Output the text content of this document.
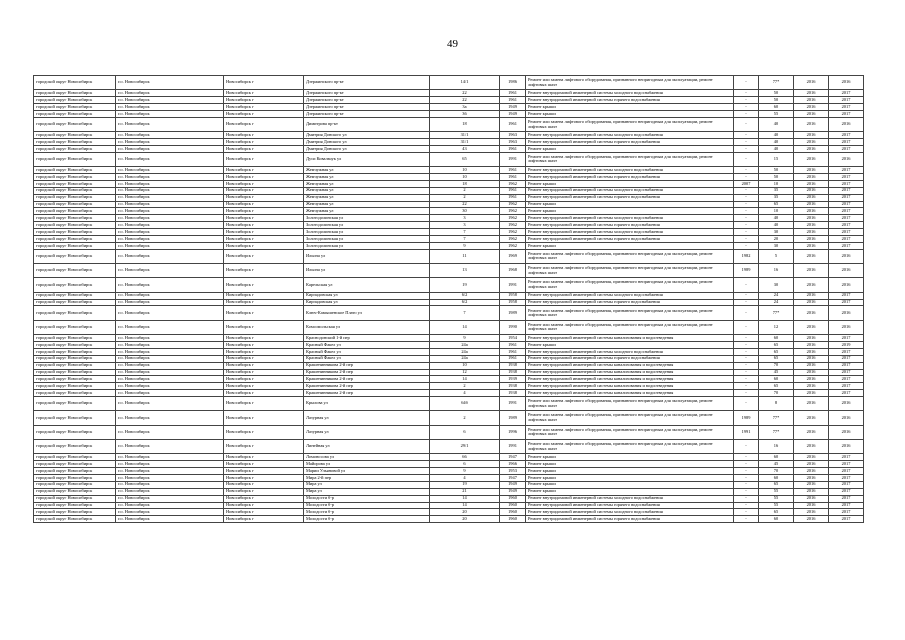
49
городской округ Новосибирск	г.о. Новосибирск	Новосибирск г	Дзержинского пр-кт	14/1	1986	Ремонт или замена лифтового оборудования, признанного непригодным для эксплуатации, ремонт лифтовых шахт	-	77*	2016	2016
городской округ Новосибирск	г.о. Новосибирск	Новосибирск г	Дзержинского пр-кт	22	1961	Ремонт внутридомовой инженерной системы холодного водоснабжения	-	50	2016	2017
городской округ Новосибирск	г.о. Новосибирск	Новосибирск г	Дзержинского пр-кт	22	1961	Ремонт внутридомовой инженерной системы горячего водоснабжения	-	50	2016	2017
городской округ Новосибирск	г.о. Новосибирск	Новосибирск г	Дзержинского пр-кт	3а	1949	Ремонт крыши	-	60	2016	2017
городской округ Новосибирск	г.о. Новосибирск	Новосибирск г	Дзержинского пр-кт	36	1949	Ремонт крыши	-	55	2016	2017
городской округ Новосибирск	г.о. Новосибирск	Новосибирск г	Димитрова пр-кт	18	1961	Ремонт или замена лифтового оборудования, признанного непригодным для эксплуатации, ремонт лифтовых шахт	-	40	2016	2016
городской округ Новосибирск	г.о. Новосибирск	Новосибирск г	Дмитрия Донского ул	31/1	1963	Ремонт внутридомовой инженерной системы холодного водоснабжения	-	40	2016	2017
городской округ Новосибирск	г.о. Новосибирск	Новосибирск г	Дмитрия Донского ул	31/1	1963	Ремонт внутридомовой инженерной системы горячего водоснабжения	-	40	2016	2017
городской округ Новосибирск	г.о. Новосибирск	Новосибирск г	Дмитрия Донского ул	43	1961	Ремонт крыши	-	40	2016	2017
городской округ Новосибирск	г.о. Новосибирск	Новосибирск г	Дуси Ковальчук ул	65	1991	Ремонт или замена лифтового оборудования, признанного непригодным для эксплуатации, ремонт лифтовых шахт	-	15	2016	2016
городской округ Новосибирск	г.о. Новосибирск	Новосибирск г	Жемчужная ул	10	1961	Ремонт внутридомовой инженерной системы холодного водоснабжения	-	50	2016	2017
городской округ Новосибирск	г.о. Новосибирск	Новосибирск г	Жемчужная ул	10	1961	Ремонт внутридомовой инженерной системы горячего водоснабжения	-	50	2016	2017
городской округ Новосибирск	г.о. Новосибирск	Новосибирск г	Жемчужная ул	18	1962	Ремонт крыши	2007	10	2016	2017
городской округ Новосибирск	г.о. Новосибирск	Новосибирск г	Жемчужная ул	2	1961	Ремонт внутридомовой инженерной системы холодного водоснабжения	-	35	2016	2017
городской округ Новосибирск	г.о. Новосибирск	Новосибирск г	Жемчужная ул	2	1961	Ремонт внутридомовой инженерной системы горячего водоснабжения	-	35	2016	2017
городской округ Новосибирск	г.о. Новосибирск	Новосибирск г	Жемчужная ул	22	1962	Ремонт крыши	-	65	2016	2017
городской округ Новосибирск	г.о. Новосибирск	Новосибирск г	Жемчужная ул	30	1962	Ремонт крыши	-	10	2016	2017
городской округ Новосибирск	г.о. Новосибирск	Новосибирск г	Золотодолинская ул	3	1962	Ремонт внутридомовой инженерной системы холодного водоснабжения	-	40	2016	2017
городской округ Новосибирск	г.о. Новосибирск	Новосибирск г	Золотодолинская ул	3	1962	Ремонт внутридомовой инженерной системы горячего водоснабжения	-	40	2016	2017
городской округ Новосибирск	г.о. Новосибирск	Новосибирск г	Золотодолинская ул	7	1962	Ремонт внутридомовой инженерной системы холодного водоснабжения	-	30	2016	2017
городской округ Новосибирск	г.о. Новосибирск	Новосибирск г	Золотодолинская ул	7	1962	Ремонт внутридомовой инженерной системы горячего водоснабжения	-	20	2016	2017
городской округ Новосибирск	г.о. Новосибирск	Новосибирск г	Золотодолинская ул	9	1962	Ремонт крыши	-	30	2016	2017
городской округ Новосибирск	г.о. Новосибирск	Новосибирск г	Ильича ул	11	1969	Ремонт или замена лифтового оборудования, признанного непригодным для эксплуатации, ремонт лифтовых шахт	1982	5	2016	2016
городской округ Новосибирск	г.о. Новосибирск	Новосибирск г	Ильича ул	13	1968	Ремонт или замена лифтового оборудования, признанного непригодным для эксплуатации, ремонт лифтовых шахт	1989	16	2016	2016
городской округ Новосибирск	г.о. Новосибирск	Новосибирск г	Карельская ул	19	1991	Ремонт или замена лифтового оборудования, признанного непригодным для эксплуатации, ремонт лифтовых шахт	-	30	2016	2016
городской округ Новосибирск	г.о. Новосибирск	Новосибирск г	Кирпадовская ул	6/2	1958	Ремонт внутридомовой инженерной системы холодного водоснабжения	-	24	2016	2017
городской округ Новосибирск	г.о. Новосибирск	Новосибирск г	Кирпадовская ул	6/2	1958	Ремонт внутридомовой инженерной системы горячего водоснабжения	-	24	2016	2017
городской округ Новосибирск	г.о. Новосибирск	Новосибирск г	Ключ-Камышенское Плато ул	7	1989	Ремонт или замена лифтового оборудования, признанного непригодным для эксплуатации, ремонт лифтовых шахт	-	77*	2016	2016
городской округ Новосибирск	г.о. Новосибирск	Новосибирск г	Комсомольская ул	14	1990	Ремонт или замена лифтового оборудования, признанного непригодным для эксплуатации, ремонт лифтовых шахт	-	12	2016	2016
городской округ Новосибирск	г.о. Новосибирск	Новосибирск г	Краснодонский 1-й пер	9	1954	Ремонт внутридомовой инженерной системы канализования и водоотведения	-	60	2016	2017
городской округ Новосибирск	г.о. Новосибирск	Новосибирск г	Красный Факел ул	24а	1961	Ремонт крыши	-	65	2016	2019
городской округ Новосибирск	г.о. Новосибирск	Новосибирск г	Красный Факел ул	24а	1961	Ремонт внутридомовой инженерной системы холодного водоснабжения	-	65	2016	2017
городской округ Новосибирск	г.о. Новосибирск	Новосибирск г	Красный Факел ул	24а	1961	Ремонт внутридомовой инженерной системы горячего водоснабжения	-	65	2016	2017
городской округ Новосибирск	г.о. Новосибирск	Новосибирск г	Крашенинникова 2-й пер	10	1938	Ремонт внутридомовой инженерной системы канализования и водоотведения	-	70	2016	2017
городской округ Новосибирск	г.о. Новосибирск	Новосибирск г	Крашенинникова 2-й пер	12	1938	Ремонт внутридомовой инженерной системы канализования и водоотведения	-	45	2016	2017
городской округ Новосибирск	г.о. Новосибирск	Новосибирск г	Крашенинникова 2-й пер	14	1939	Ремонт внутридомовой инженерной системы канализования и водоотведения	-	60	2016	2017
городской округ Новосибирск	г.о. Новосибирск	Новосибирск г	Крашенинникова 2-й пер	2	1938	Ремонт внутридомовой инженерной системы канализования и водоотведения	-	65	2016	2017
городской округ Новосибирск	г.о. Новосибирск	Новосибирск г	Крашенинникова 2-й пер	4	1938	Ремонт внутридомовой инженерной системы канализования и водоотведения	-	70	2016	2017
городской округ Новосибирск	г.о. Новосибирск	Новосибирск г	Крылова ул	64б	1991	Ремонт или замена лифтового оборудования, признанного непригодным для эксплуатации, ремонт лифтовых шахт	-	8	2016	2016
городской округ Новосибирск	г.о. Новосибирск	Новосибирск г	Лазурная ул	2	1989	Ремонт или замена лифтового оборудования, признанного непригодным для эксплуатации, ремонт лифтовых шахт	1989	77*	2016	2016
городской округ Новосибирск	г.о. Новосибирск	Новосибирск г	Лазурная ул	6	1996	Ремонт или замена лифтового оборудования, признанного непригодным для эксплуатации, ремонт лифтовых шахт	1991	77*	2016	2016
городской округ Новосибирск	г.о. Новосибирск	Новосибирск г	Линейная ул	29/1	1991	Ремонт или замена лифтового оборудования, признанного непригодным для эксплуатации, ремонт лифтовых шахт	-	16	2016	2016
городской округ Новосибирск	г.о. Новосибирск	Новосибирск г	Ломоносова ул	66	1947	Ремонт крыши	-	60	2016	2017
городской округ Новосибирск	г.о. Новосибирск	Новосибирск г	Майорова ул	6	1966	Ремонт крыши	-	45	2016	2017
городской округ Новосибирск	г.о. Новосибирск	Новосибирск г	Марии Ульяновой ул	9	1953	Ремонт крыши	-	70	2016	2017
городской округ Новосибирск	г.о. Новосибирск	Новосибирск г	Мира 2-й пер	4	1947	Ремонт крыши	-	60	2016	2017
городской округ Новосибирск	г.о. Новосибирск	Новосибирск г	Мира ул	19	1949	Ремонт крыши	-	65	2016	2017
городской округ Новосибирск	г.о. Новосибирск	Новосибирск г	Мира ул	21	1949	Ремонт крыши	-	55	2016	2017
городской округ Новосибирск	г.о. Новосибирск	Новосибирск г	Молодости б-р	14	1960	Ремонт внутридомовой инженерной системы холодного водоснабжения	-	55	2016	2017
городской округ Новосибирск	г.о. Новосибирск	Новосибирск г	Молодости б-р	14	1960	Ремонт внутридомовой инженерной системы горячего водоснабжения	-	55	2016	2017
городской округ Новосибирск	г.о. Новосибирск	Новосибирск г	Молодости б-р	20	1960	Ремонт внутридомовой инженерной системы холодного водоснабжения	-	65	2016	2017
городской округ Новосибирск	г.о. Новосибирск	Новосибирск г	Молодости б-р	20	1960	Ремонт внутридомовой инженерной системы горячего водоснабжения	-	60	2016	2017
